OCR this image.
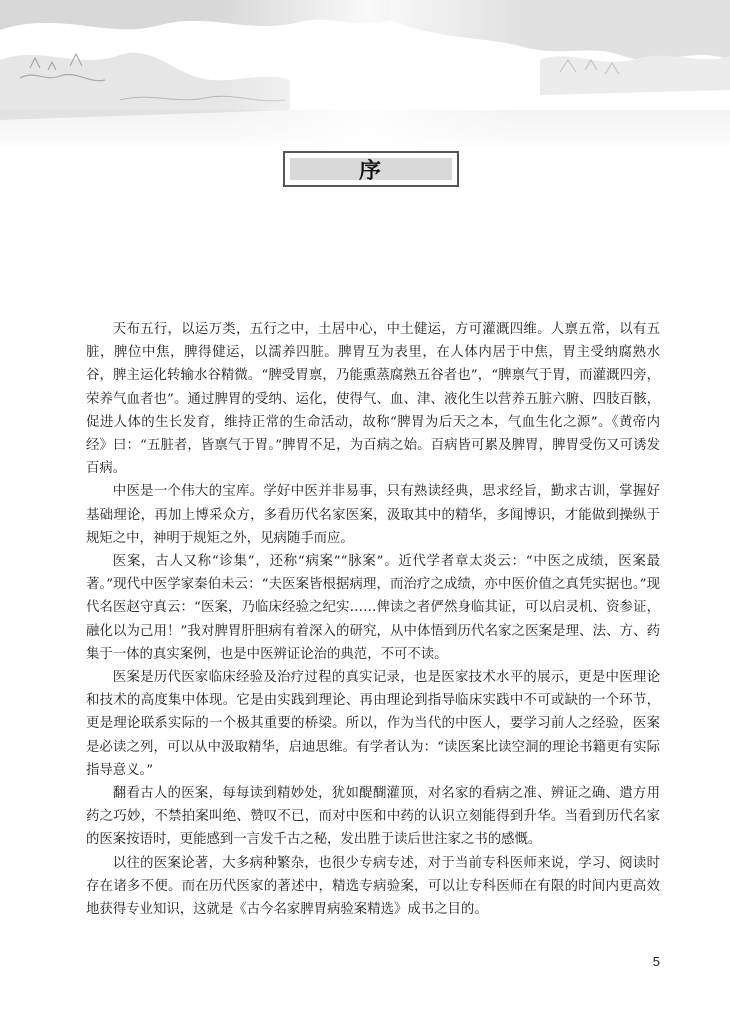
序

天布五行，以运万类，五行之中，土居中心，中土健运，方可灌溉四维。人禀五常，以有五脏，脾位中焦，脾得健运，以濡养四脏。脾胃互为表里，在人体内居于中焦，胃主受纳腐熟水谷，脾主运化转输水谷精微。“脾受胃禀，乃能熏蒸腐熟五谷者也”，“脾禀气于胃，而灌溉四旁，荣养气血者也”。通过脾胃的受纳、运化，使得气、血、津、液化生以营养五脏六腑、四肢百骸，促进人体的生长发育，维持正常的生命活动，故称“脾胃为后天之本，气血生化之源”。《黄帝内经》曰：“五脏者，皆禀气于胃。”脾胃不足，为百病之始。百病皆可累及脾胃，脾胃受伤又可诱发百病。

中医是一个伟大的宝库。学好中医并非易事，只有熟读经典，思求经旨，勤求古训，掌握好基础理论，再加上博采众方，多看历代名家医案，汲取其中的精华，多闻博识，才能做到操纵于规矩之中，神明于规矩之外，见病随手而应。

医案，古人又称“诊集”，还称“病案”“脉案”。近代学者章太炎云：“中医之成绩，医案最著。”现代中医学家秦伯未云：“夫医案皆根据病理，而治疗之成绩，亦中医价值之真凭实据也。”现代名医赵守真云：“医案，乃临床经验之纪实……俾读之者俨然身临其证，可以启灵机、资参证，融化以为己用！”我对脾胃肝胆病有着深入的研究，从中体悟到历代名家之医案是理、法、方、药集于一体的真实案例，也是中医辨证论治的典范，不可不读。

医案是历代医家临床经验及治疗过程的真实记录，也是医家技术水平的展示，更是中医理论和技术的高度集中体现。它是由实践到理论、再由理论到指导临床实践中不可或缺的一个环节，更是理论联系实际的一个极其重要的桥梁。所以，作为当代的中医人，要学习前人之经验，医案是必读之列，可以从中汲取精华，启迪思维。有学者认为：“读医案比读空洞的理论书籍更有实际指导意义。”

翻看古人的医案，每每读到精妙处，犹如醍醐灌顶，对名家的看病之准、辨证之确、遣方用药之巧妙，不禁拍案叫绝、赞叹不已，而对中医和中药的认识立刻能得到升华。当看到历代名家的医案按语时，更能感到一言发千古之秘，发出胜于读后世注家之书的感慨。

以往的医案论著，大多病种繁杂，也很少专病专述，对于当前专科医师来说，学习、阅读时存在诸多不便。而在历代医家的著述中，精选专病验案，可以让专科医师在有限的时间内更高效地获得专业知识，这就是《古今名家脾胃病验案精选》成书之目的。

5
